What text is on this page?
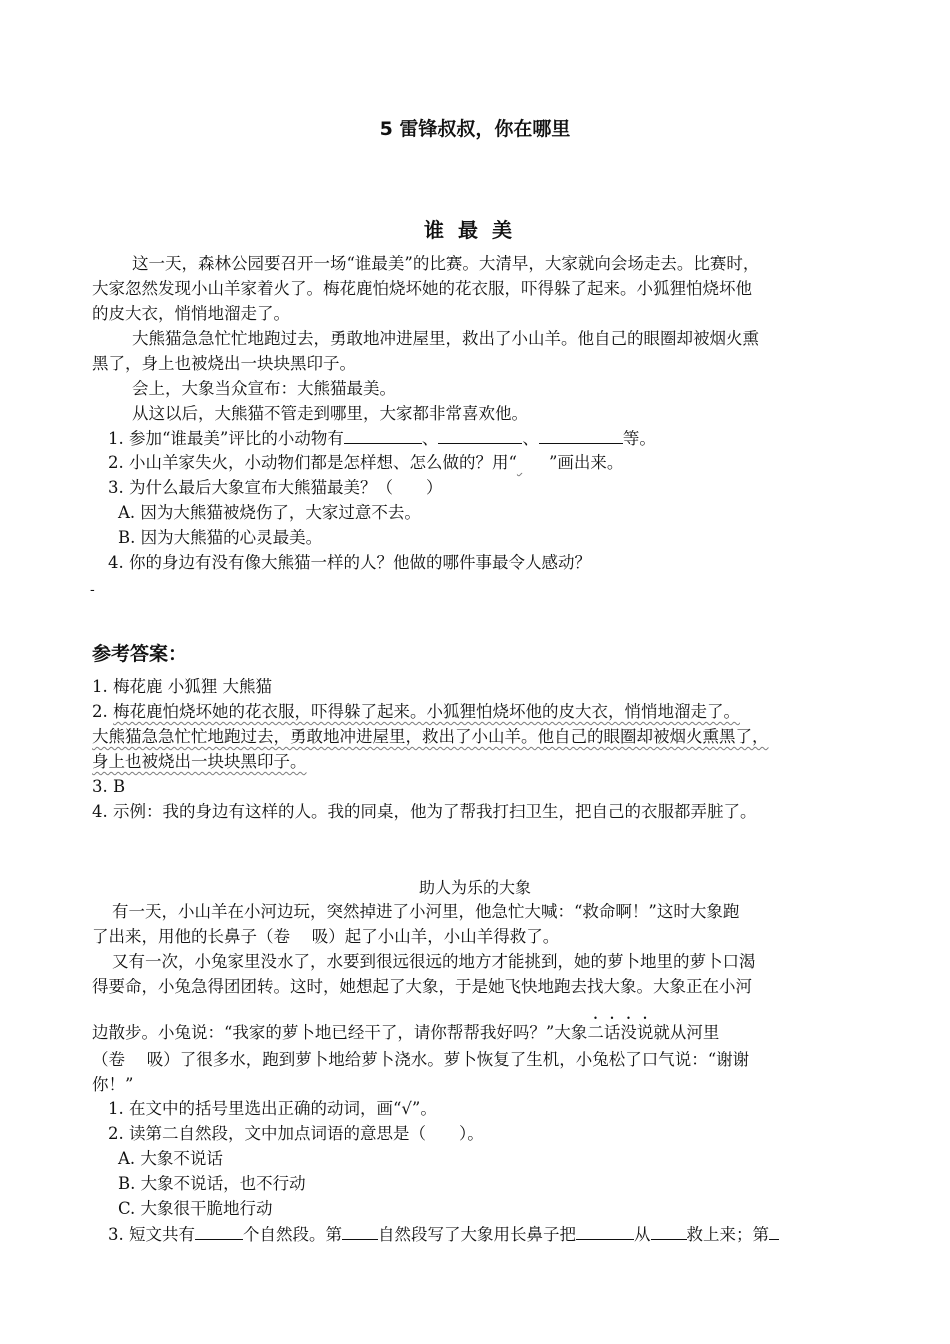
5 雷锋叔叔，你在哪里
谁最美
这一天，森林公园要召开一场“谁最美”的比赛。大清早，大家就向会场走去。比赛时，
大家忽然发现小山羊家着火了。梅花鹿怕烧坏她的花衣服，吓得躲了起来。小狐狸怕烧坏他
的皮大衣，悄悄地溜走了。
大熊猫急急忙忙地跑过去，勇敢地冲进屋里，救出了小山羊。他自己的眼圈却被烟火熏
黑了，身上也被烧出一块块黑印子。
会上，大象当众宣布：大熊猫最美。
从这以后，大熊猫不管走到哪里，大家都非常喜欢他。
1. 参加“谁最美”评比的小动物有	、	、	等。
2. 小山羊家失火，小动物们都是怎样想、怎么做的？用“ ”画出来。
3. 为什么最后大象宣布大熊猫最美？（　　）
A. 因为大熊猫被烧伤了，大家过意不去。
B. 因为大熊猫的心灵最美。
4. 你的身边有没有像大熊猫一样的人？他做的哪件事最令人感动？
-
参考答案：
1. 梅花鹿 小狐狸 大熊猫
2. 梅花鹿怕烧坏她的花衣服，吓得躲了起来。小狐狸怕烧坏他的皮大衣，悄悄地溜走了。
大熊猫急急忙忙地跑过去，勇敢地冲进屋里，救出了小山羊。他自己的眼圈却被烟火熏黑了，
身上也被烧出一块块黑印子。
3. B
4. 示例：我的身边有这样的人。我的同桌，他为了帮我打扫卫生，把自己的衣服都弄脏了。
助人为乐的大象
有一天，小山羊在小河边玩，突然掉进了小河里，他急忙大喊：“救命啊！”这时大象跑
了出来，用他的长鼻子（卷　 吸）起了小山羊，小山羊得救了。
又有一次，小兔家里没水了，水要到很远很远的地方才能挑到，她的萝卜地里的萝卜口渴
得要命，小兔急得团团转。这时，她想起了大象，于是她飞快地跑去找大象。大象正在小河
边散步。小兔说：“我家的萝卜地已经干了，请你帮帮我好吗？”大象二话没说就从河里
（卷　 吸）了很多水，跑到萝卜地给萝卜浇水。萝卜恢复了生机，小兔松了口气说：“谢谢
你！”
1. 在文中的括号里选出正确的动词，画“√”。
2. 读第二自然段，文中加点词语的意思是（　　）。
A. 大象不说话
B. 大象不说话，也不行动
C. 大象很干脆地行动
3. 短文共有	个自然段。第 自然段写了大象用长鼻子把	从 救上来；第
